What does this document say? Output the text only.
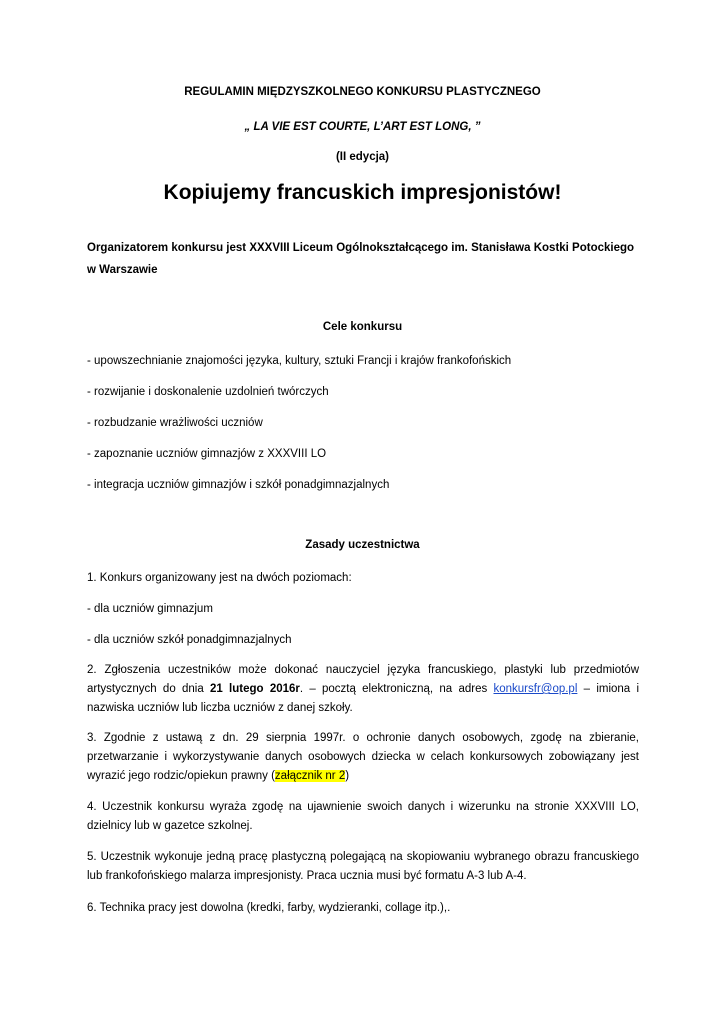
REGULAMIN MIĘDZYSZKOLNEGO KONKURSU PLASTYCZNEGO
„ LA VIE EST COURTE, L’ART EST LONG, ”
(II edycja)
Kopiujemy francuskich impresjonistów!
Organizatorem konkursu jest XXXVIII Liceum Ogólnokształcącego im. Stanisława Kostki Potockiego
w Warszawie
Cele konkursu
- upowszechnianie znajomości języka, kultury, sztuki Francji i krajów frankofońskich
- rozwijanie i doskonalenie uzdolnień twórczych
- rozbudzanie wrażliwości uczniów
- zapoznanie uczniów gimnazjów z XXXVIII LO
- integracja uczniów gimnazjów i szkół ponadgimnazjalnych
Zasady uczestnictwa
1. Konkurs organizowany jest na dwóch poziomach:
- dla uczniów gimnazjum
- dla uczniów szkół ponadgimnazjalnych
2. Zgłoszenia uczestników może dokonać nauczyciel języka francuskiego, plastyki lub przedmiotów artystycznych do dnia 21 lutego 2016r. – pocztą elektroniczną, na adres konkursfr@op.pl – imiona i nazwiska uczniów lub liczba uczniów z danej szkoły.
3. Zgodnie z ustawą z dn. 29 sierpnia 1997r. o ochronie danych osobowych, zgodę na zbieranie, przetwarzanie i wykorzystywanie danych osobowych dziecka w celach konkursowych zobowiązany jest wyrazić jego rodzic/opiekun prawny (załącznik nr 2)
4. Uczestnik konkursu wyraża zgodę na ujawnienie swoich danych i wizerunku na stronie XXXVIII LO, dzielnicy lub w gazetce szkolnej.
5. Uczestnik wykonuje jedną pracę plastyczną polegającą na skopiowaniu wybranego obrazu francuskiego lub frankofońskiego malarza impresjonisty. Praca ucznia musi być formatu A-3 lub A-4.
6. Technika pracy jest dowolna (kredki, farby, wydzieranki, collage itp.),.
